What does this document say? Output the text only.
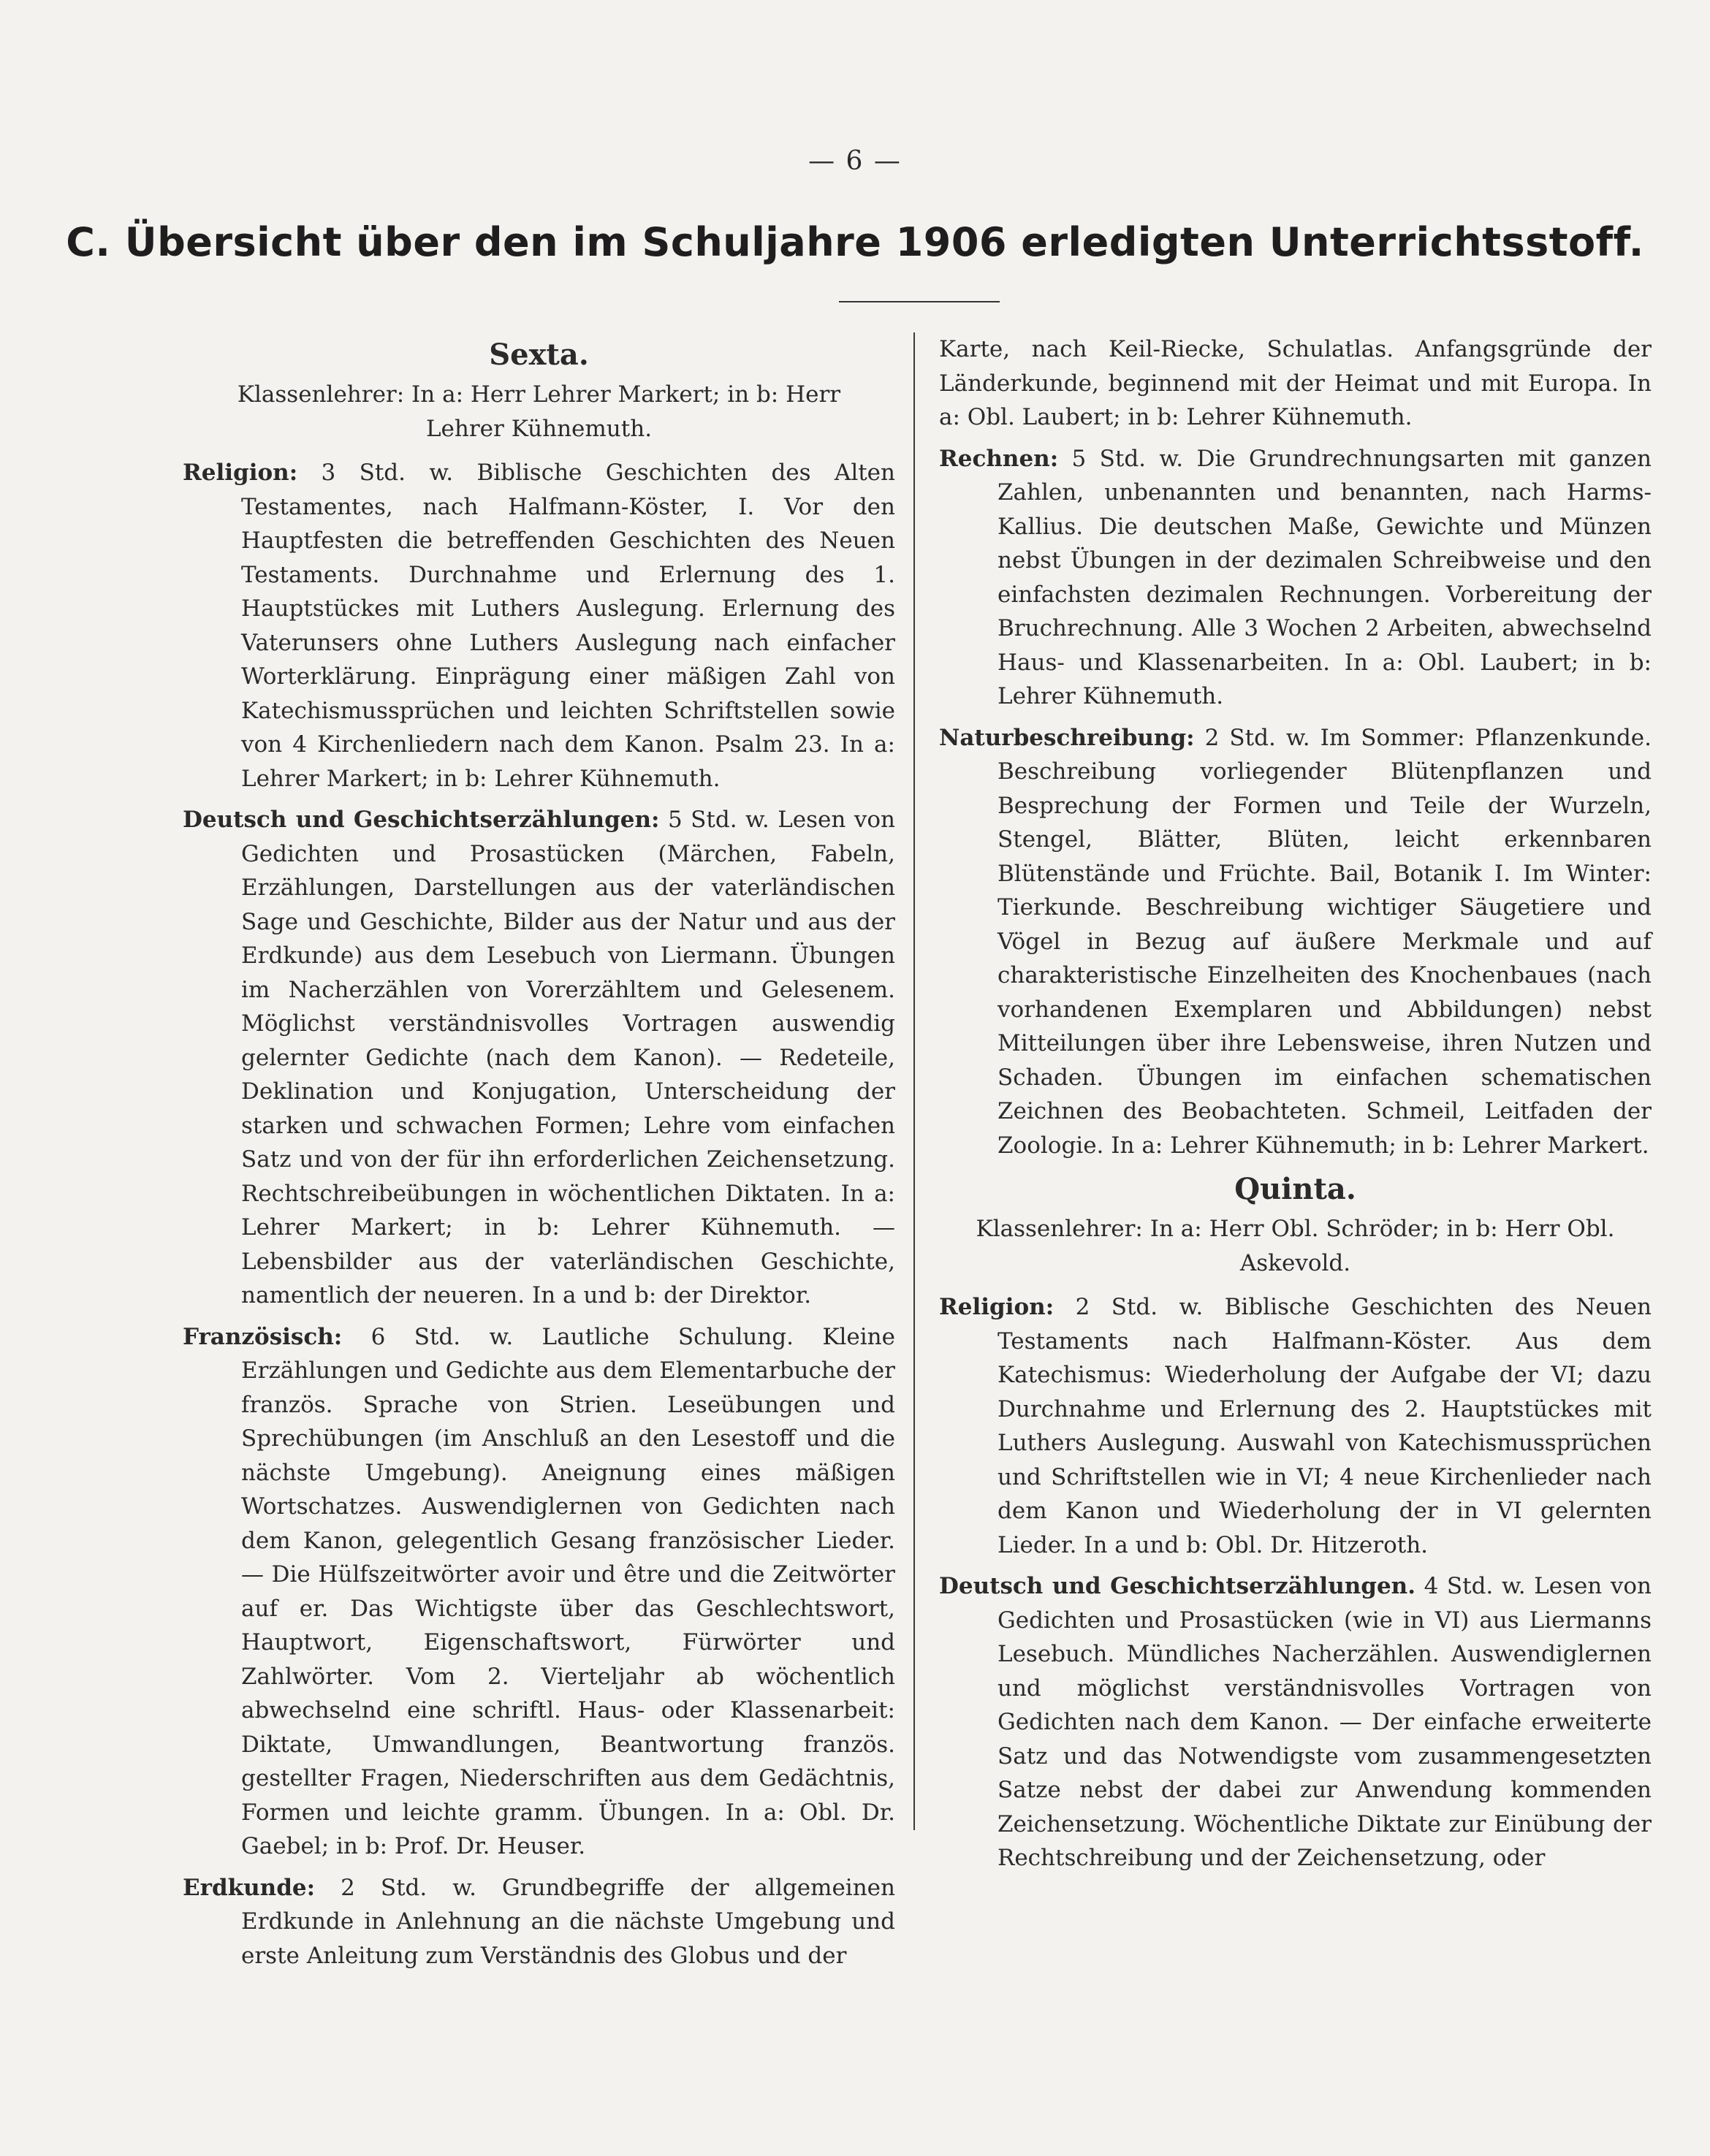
— 6 —
C. Übersicht über den im Schuljahre 1906 erledigten Unterrichtsstoff.
Sexta.
Klassenlehrer: In a: Herr Lehrer Markert; in b: Herr Lehrer Kühnemuth.

Religion: 3 Std. w. Biblische Geschichten des Alten Testamentes, nach Halfmann-Köster, I. Vor den Hauptfesten die betreffenden Geschichten des Neuen Testaments. Durchnahme und Erlernung des 1. Hauptstückes mit Luthers Auslegung. Erlernung des Vaterunsers ohne Luthers Auslegung nach einfacher Worterklärung. Einprägung einer mäßigen Zahl von Katechismussprüchen und leichten Schriftstellen sowie von 4 Kirchenliedern nach dem Kanon. Psalm 23. In a: Lehrer Markert; in b: Lehrer Kühnemuth.

Deutsch und Geschichtserzählungen: 5 Std. w. Lesen von Gedichten und Prosastücken (Märchen, Fabeln, Erzählungen, Darstellungen aus der vaterländischen Sage und Geschichte, Bilder aus der Natur und aus der Erdkunde) aus dem Lesebuch von Liermann. Übungen im Nacherzählen von Vorerzähltem und Gelesenem. Möglichst verständnisvolles Vortragen auswendig gelernter Gedichte (nach dem Kanon). — Redeteile, Deklination und Konjugation, Unterscheidung der starken und schwachen Formen; Lehre vom einfachen Satz und von der für ihn erforderlichen Zeichensetzung. Rechtschreibeübungen in wöchentlichen Diktaten. In a: Lehrer Markert; in b: Lehrer Kühnemuth. — Lebensbilder aus der vaterländischen Geschichte, namentlich der neueren. In a und b: der Direktor.

Französisch: 6 Std. w. Lautliche Schulung. Kleine Erzählungen und Gedichte aus dem Elementarbuche der französ. Sprache von Strien. Leseübungen und Sprechübungen (im Anschluß an den Lesestoff und die nächste Umgebung). Aneignung eines mäßigen Wortschatzes. Auswendiglernen von Gedichten nach dem Kanon, gelegentlich Gesang französischer Lieder. — Die Hülfszeitwörter avoir und être und die Zeitwörter auf er. Das Wichtigste über das Geschlechtswort, Hauptwort, Eigenschaftswort, Fürwörter und Zahlwörter. Vom 2. Vierteljahr ab wöchentlich abwechselnd eine schriftl. Haus- oder Klassenarbeit: Diktate, Umwandlungen, Beantwortung französ. gestellter Fragen, Niederschriften aus dem Gedächtnis, Formen und leichte gramm. Übungen. In a: Obl. Dr. Gaebel; in b: Prof. Dr. Heuser.

Erdkunde: 2 Std. w. Grundbegriffe der allgemeinen Erdkunde in Anlehnung an die nächste Umgebung und erste Anleitung zum Verständnis des Globus und der

Karte, nach Keil-Riecke, Schulatlas. Anfangsgründe der Länderkunde, beginnend mit der Heimat und mit Europa. In a: Obl. Laubert; in b: Lehrer Kühnemuth.

Rechnen: 5 Std. w. Die Grundrechnungsarten mit ganzen Zahlen, unbenannten und benannten, nach Harms-Kallius. Die deutschen Maße, Gewichte und Münzen nebst Übungen in der dezimalen Schreibweise und den einfachsten dezimalen Rechnungen. Vorbereitung der Bruchrechnung. Alle 3 Wochen 2 Arbeiten, abwechselnd Haus- und Klassenarbeiten. In a: Obl. Laubert; in b: Lehrer Kühnemuth.

Naturbeschreibung: 2 Std. w. Im Sommer: Pflanzenkunde. Beschreibung vorliegender Blütenpflanzen und Besprechung der Formen und Teile der Wurzeln, Stengel, Blätter, Blüten, leicht erkennbaren Blütenstände und Früchte. Bail, Botanik I. Im Winter: Tierkunde. Beschreibung wichtiger Säugetiere und Vögel in Bezug auf äußere Merkmale und auf charakteristische Einzelheiten des Knochenbaues (nach vorhandenen Exemplaren und Abbildungen) nebst Mitteilungen über ihre Lebensweise, ihren Nutzen und Schaden. Übungen im einfachen schematischen Zeichnen des Beobachteten. Schmeil, Leitfaden der Zoologie. In a: Lehrer Kühnemuth; in b: Lehrer Markert.

Quinta.
Klassenlehrer: In a: Herr Obl. Schröder; in b: Herr Obl. Askevold.

Religion: 2 Std. w. Biblische Geschichten des Neuen Testaments nach Halfmann-Köster. Aus dem Katechismus: Wiederholung der Aufgabe der VI; dazu Durchnahme und Erlernung des 2. Hauptstückes mit Luthers Auslegung. Auswahl von Katechismussprüchen und Schriftstellen wie in VI; 4 neue Kirchenlieder nach dem Kanon und Wiederholung der in VI gelernten Lieder. In a und b: Obl. Dr. Hitzeroth.

Deutsch und Geschichtserzählungen. 4 Std. w. Lesen von Gedichten und Prosastücken (wie in VI) aus Liermanns Lesebuch. Mündliches Nacherzählen. Auswendiglernen und möglichst verständnisvolles Vortragen von Gedichten nach dem Kanon. — Der einfache erweiterte Satz und das Notwendigste vom zusammengesetzten Satze nebst der dabei zur Anwendung kommenden Zeichensetzung. Wöchentliche Diktate zur Einübung der Rechtschreibung und der Zeichensetzung, oder
